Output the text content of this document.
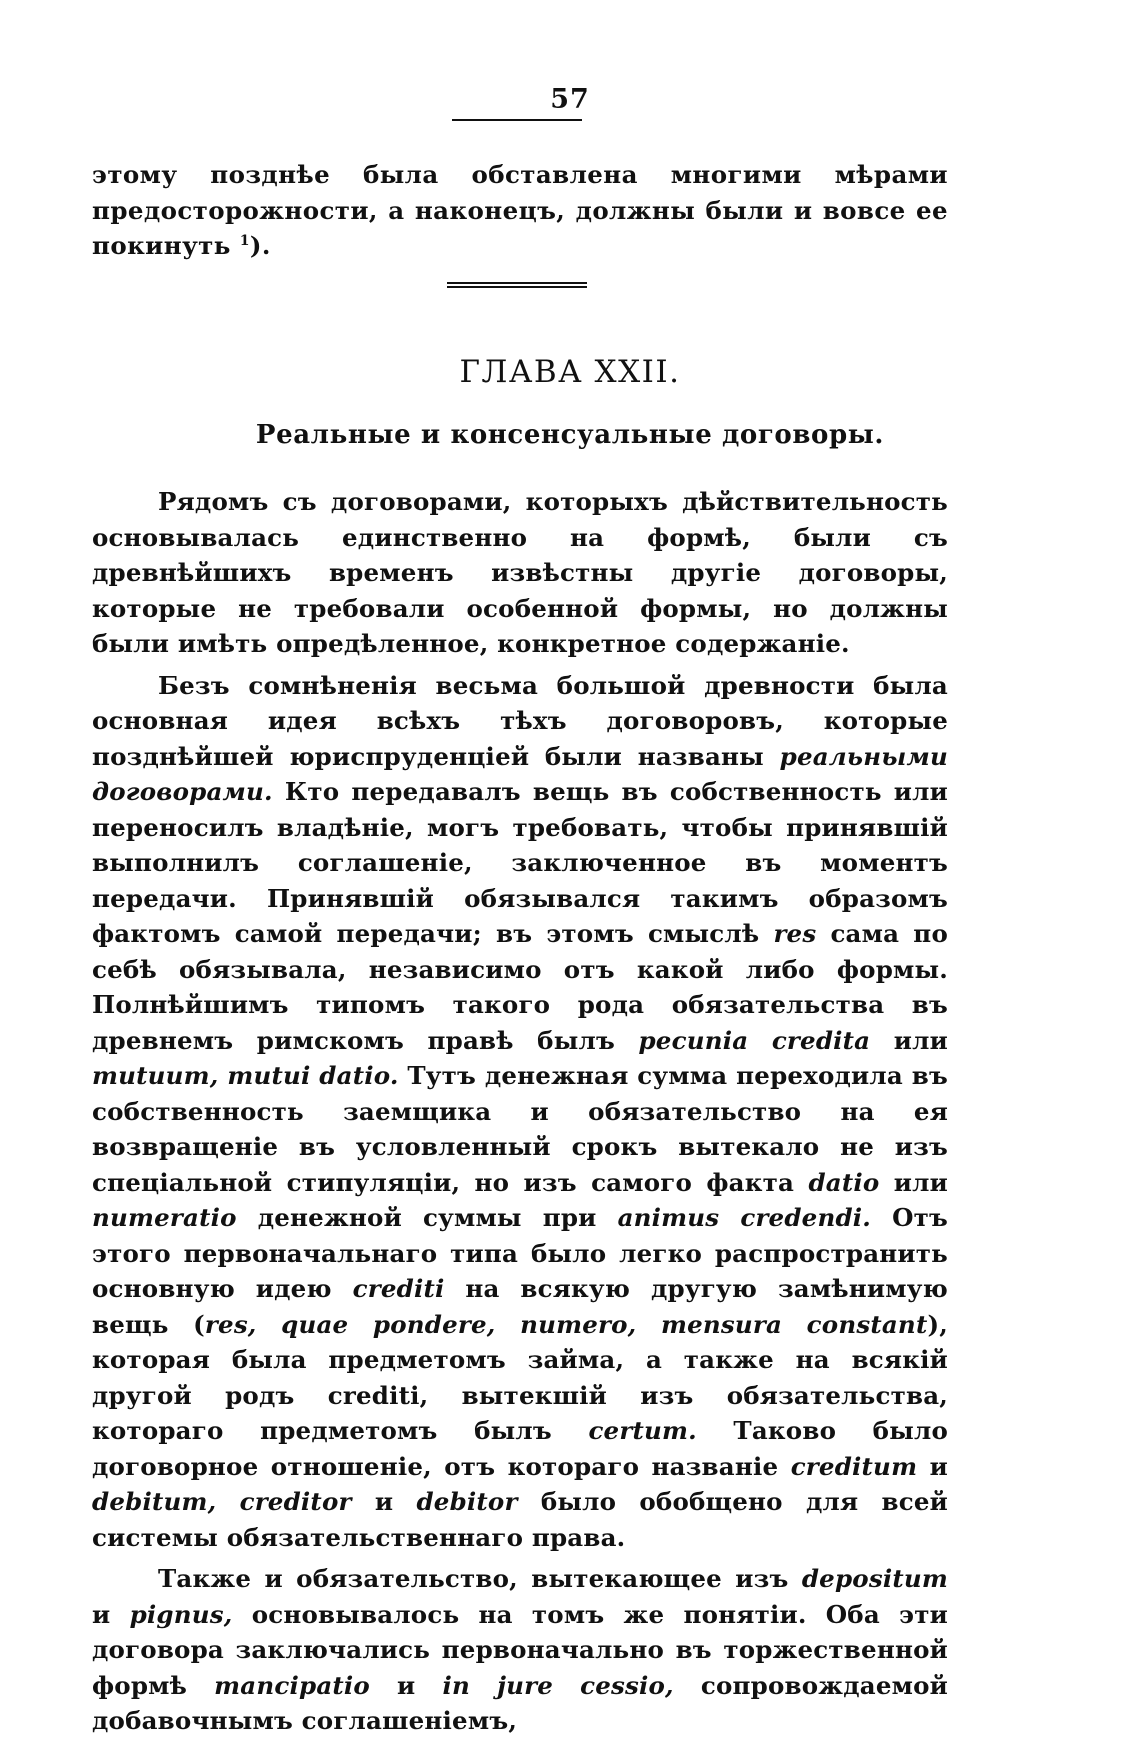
57
этому позднѣе была обставлена многими мѣрами предосторожности, а наконецъ, должны были и вовсе ее покинуть $^1$).
ГЛАВА XXII.
Реальные и консенсуальные договоры.

Рядомъ съ договорами, которыхъ дѣйствительность основывалась единственно на формѣ, были съ древнѣйшихъ временъ извѣстны другіе договоры, которые не требовали особенной формы, но должны были имѣть опредѣленное, конкретное содержаніе.

Безъ сомнѣненія весьма большой древности была основная идея всѣхъ тѣхъ договоровъ, которые позднѣйшей юриспруденціей были названы реальными договорами. Кто передавалъ вещь въ собственность или переносилъ владѣніе, могъ требовать, чтобы принявшій выполнилъ соглашеніе, заключенное въ моментъ передачи. Принявшій обязывался такимъ образомъ фактомъ самой передачи; въ этомъ смыслѣ res сама по себѣ обязывала, независимо отъ какой либо формы. Полнѣйшимъ типомъ такого рода обязательства въ древнемъ римскомъ правѣ былъ pecunia credita или mutuum, mutui datio. Тутъ денежная сумма переходила въ собственность заемщика и обязательство на ея возвращеніе въ условленный срокъ вытекало не изъ спеціальной стипуляціи, но изъ самого факта datio или numeratio денежной суммы при animus credendi. Отъ этого первоначальнаго типа было легко распространить основную идею crediti на всякую другую замѣнимую вещь (res, quae pondere, numero, mensura constant), которая была предметомъ займа, а также на всякій другой родъ crediti, вытекшій изъ обязательства, котораго предметомъ былъ certum. Таково было договорное отношеніе, отъ котораго названіе creditum и debitum, creditor и debitor было обобщено для всей системы обязательственнаго права.

Также и обязательство, вытекающее изъ depositum и pignus, основывалось на томъ же понятіи. Оба эти договора заключались первоначально въ торжественной формѣ mancipatio и in jure cessio, сопровождаемой добавочнымъ соглашеніемъ,
